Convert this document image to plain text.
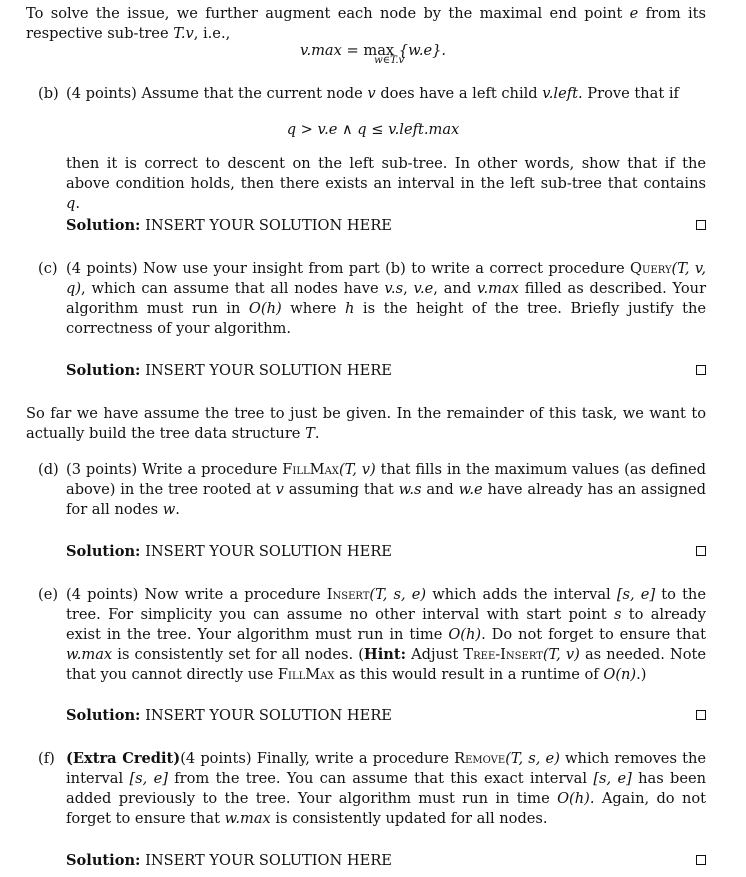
To solve the issue, we further augment each node by the maximal end point e from its respective sub-tree T.v, i.e.,
v.max = maxw∈T.v {w.e}.
(b) (4 points) Assume that the current node v does have a left child v.left. Prove that if
q > v.e ∧ q ≤ v.left.max
then it is correct to descent on the left sub-tree. In other words, show that if the above condition holds, then there exists an interval in the left sub-tree that contains q.
Solution: INSERT YOUR SOLUTION HERE
(c) (4 points) Now use your insight from part (b) to write a correct procedure Query(T, v, q), which can assume that all nodes have v.s, v.e, and v.max filled as described. Your algorithm must run in O(h) where h is the height of the tree. Briefly justify the correctness of your algorithm.
Solution: INSERT YOUR SOLUTION HERE
So far we have assume the tree to just be given. In the remainder of this task, we want to actually build the tree data structure T.
(d) (3 points) Write a procedure FillMax(T, v) that fills in the maximum values (as defined above) in the tree rooted at v assuming that w.s and w.e have already has an assigned for all nodes w.
Solution: INSERT YOUR SOLUTION HERE
(e) (4 points) Now write a procedure Insert(T, s, e) which adds the interval [s, e] to the tree. For simplicity you can assume no other interval with start point s to already exist in the tree. Your algorithm must run in time O(h). Do not forget to ensure that w.max is consistently set for all nodes. (Hint: Adjust Tree-Insert(T, v) as needed. Note that you cannot directly use FillMax as this would result in a runtime of O(n).)
Solution: INSERT YOUR SOLUTION HERE
(f) (Extra Credit)(4 points) Finally, write a procedure Remove(T, s, e) which removes the interval [s, e] from the tree. You can assume that this exact interval [s, e] has been added previously to the tree. Your algorithm must run in time O(h). Again, do not forget to ensure that w.max is consistently updated for all nodes.
Solution: INSERT YOUR SOLUTION HERE
